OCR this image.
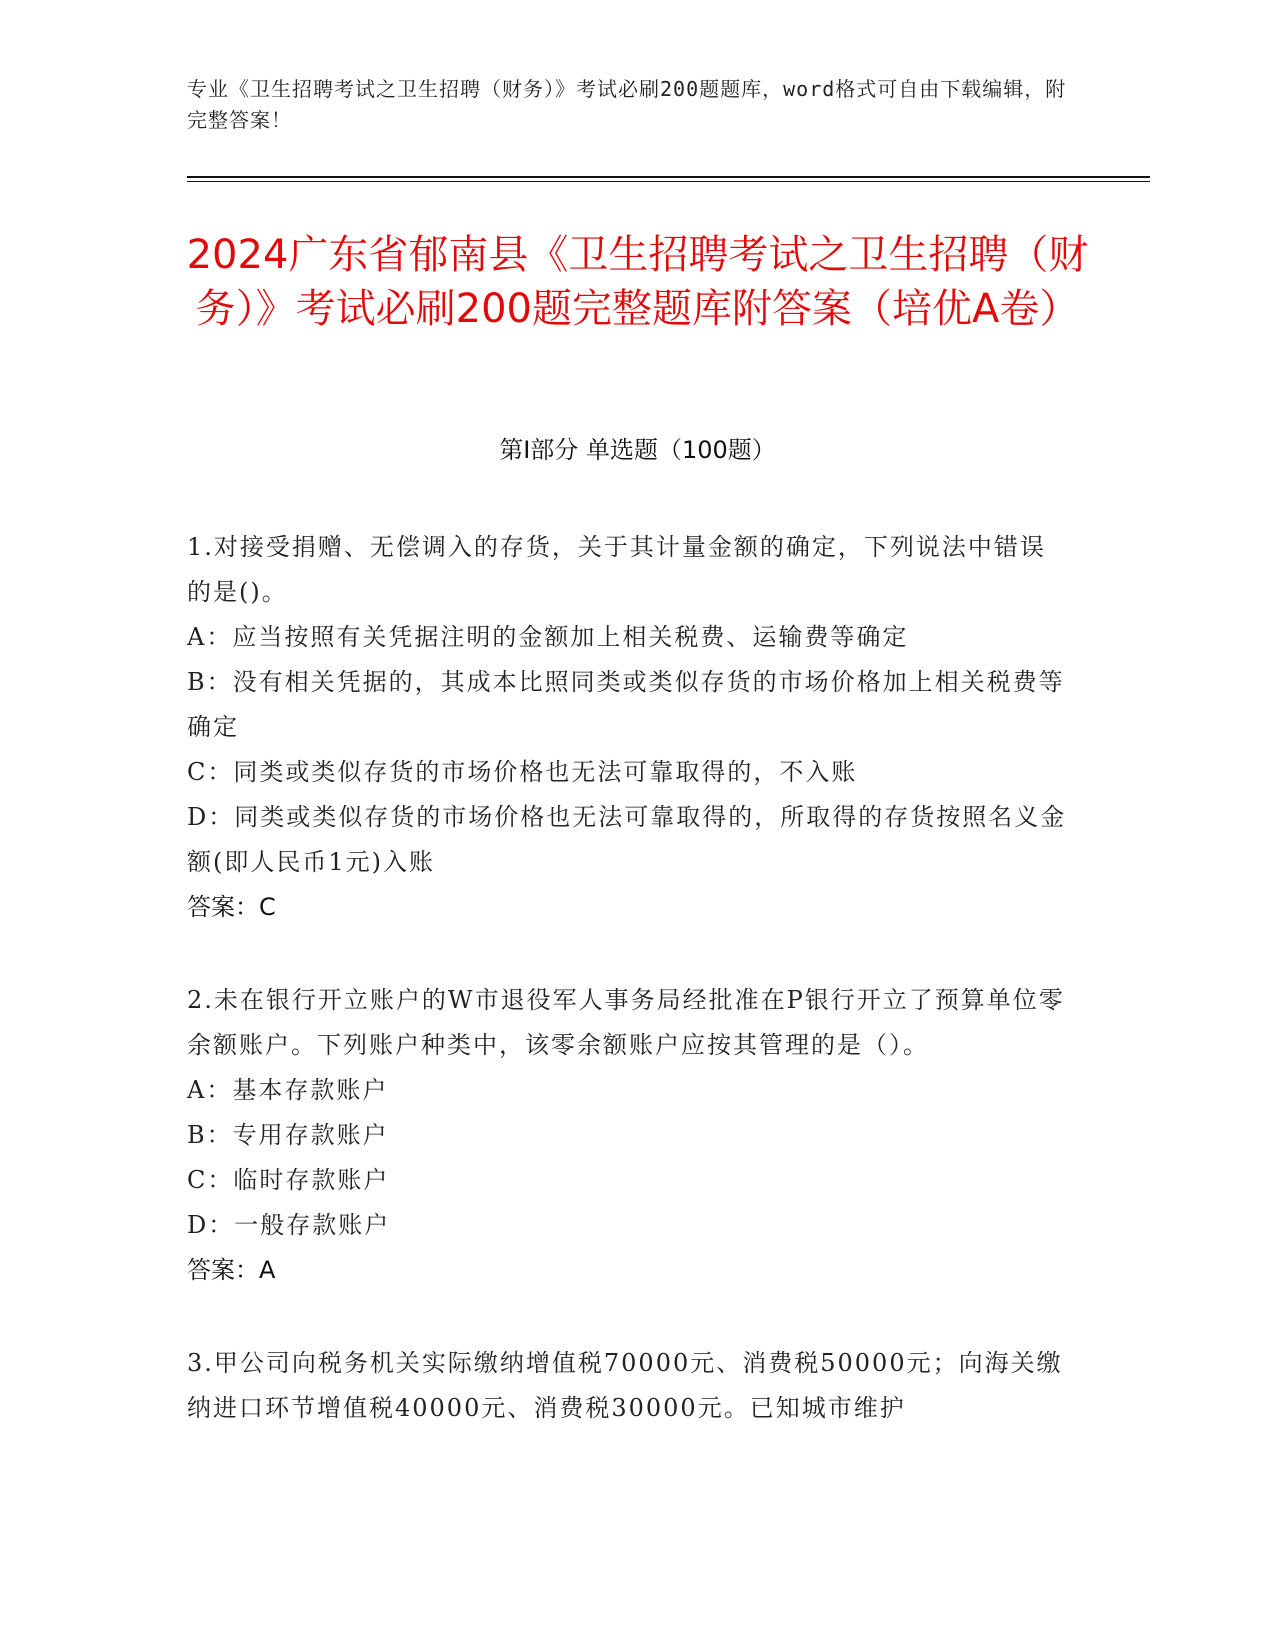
专业《卫生招聘考试之卫生招聘（财务）》考试必刷200题题库，word格式可自由下载编辑，附完整答案！
2024广东省郁南县《卫生招聘考试之卫生招聘（财务）》考试必刷200题完整题库附答案（培优A卷）
第Ⅰ部分 单选题（100题）
1.对接受捐赠、无偿调入的存货，关于其计量金额的确定，下列说法中错误的是()。
A：应当按照有关凭据注明的金额加上相关税费、运输费等确定
B：没有相关凭据的，其成本比照同类或类似存货的市场价格加上相关税费等确定
C：同类或类似存货的市场价格也无法可靠取得的，不入账
D：同类或类似存货的市场价格也无法可靠取得的，所取得的存货按照名义金额(即人民币1元)入账
答案：C
2.未在银行开立账户的W市退役军人事务局经批准在P银行开立了预算单位零余额账户。下列账户种类中，该零余额账户应按其管理的是（）。
A：基本存款账户
B：专用存款账户
C：临时存款账户
D：一般存款账户
答案：A
3.甲公司向税务机关实际缴纳增值税70000元、消费税50000元；向海关缴纳进口环节增值税40000元、消费税30000元。已知城市维护
